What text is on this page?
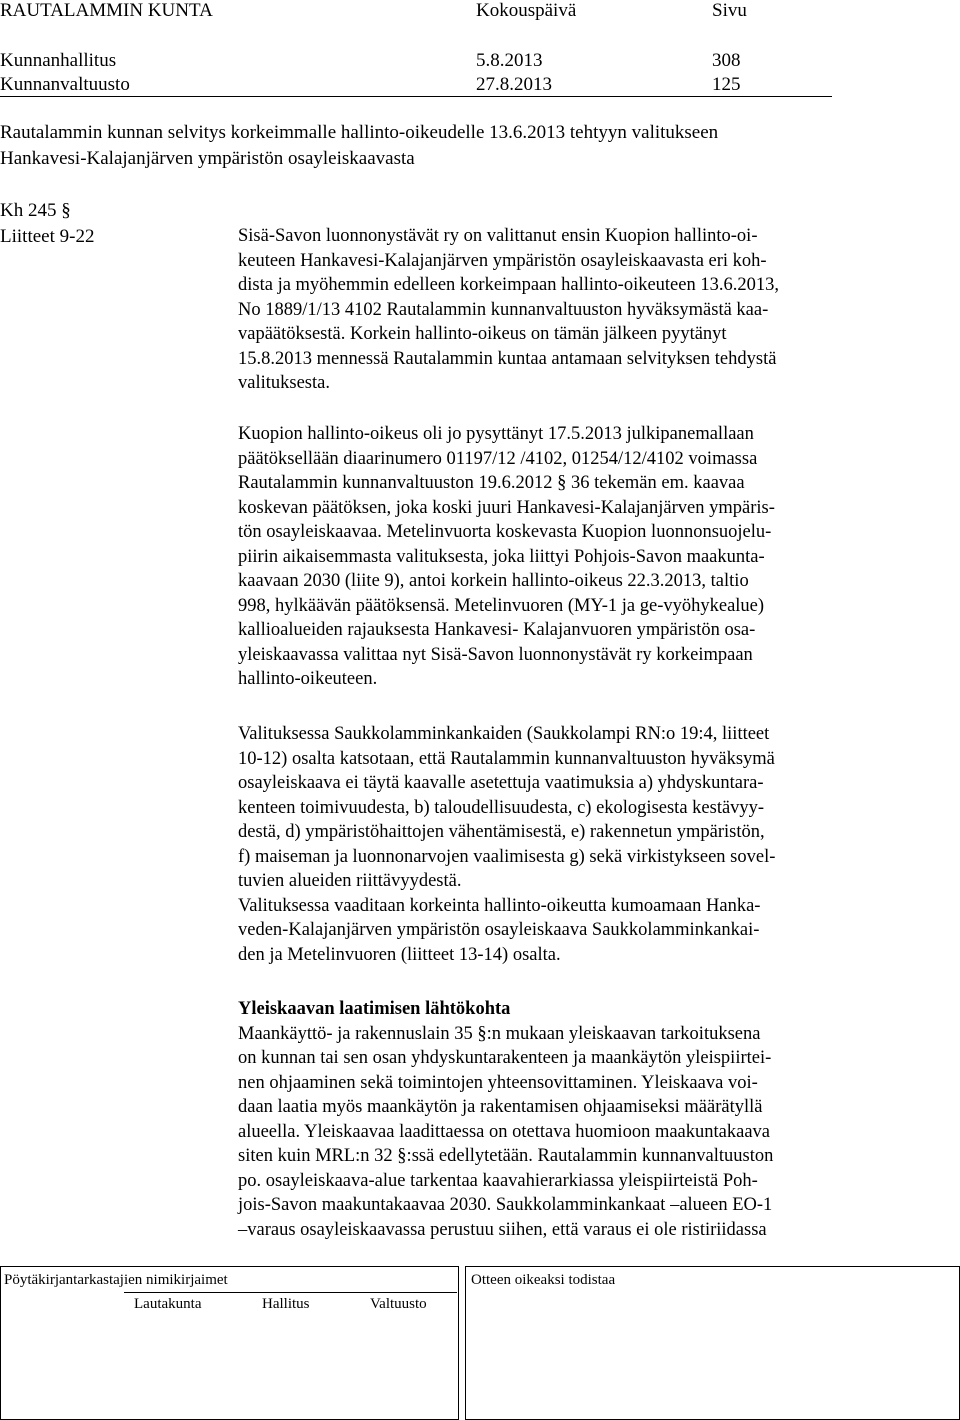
RAUTALAMMIN KUNTA	Kokouspäivä	Sivu
Kunnanhallitus	5.8.2013	308
Kunnanvaltuusto	27.8.2013	125
Rautalammin kunnan selvitys korkeimmalle hallinto-oikeudelle 13.6.2013 tehtyyn valitukseen
Hankavesi-Kalajanjärven ympäristön osayleiskaavasta
Kh 245 §
Liitteet 9-22	Sisä-Savon luonnonystävät ry on valittanut ensin Kuopion hallinto-oi-
keuteen Hankavesi-Kalajanjärven ympäristön osayleiskaavasta eri koh-
dista ja myöhemmin edelleen korkeimpaan hallinto-oikeuteen 13.6.2013,
No 1889/1/13 4102 Rautalammin kunnanvaltuuston hyväksymästä kaa-
vapäätöksestä. Korkein hallinto-oikeus on tämän jälkeen pyytänyt
15.8.2013 mennessä Rautalammin kuntaa antamaan selvityksen tehdystä
valituksesta.
Kuopion hallinto-oikeus oli jo pysyttänyt 17.5.2013 julkipanemallaan
päätöksellään diaarinumero 01197/12 /4102, 01254/12/4102 voimassa
Rautalammin kunnanvaltuuston 19.6.2012 § 36 tekemän em. kaavaa
koskevan päätöksen, joka koski juuri Hankavesi-Kalajanjärven ympäris-
tön osayleiskaavaa. Metelinvuorta koskevasta Kuopion luonnonsuojelu-
piirin aikaisemmasta valituksesta, joka liittyi Pohjois-Savon maakunta-
kaavaan 2030 (liite 9), antoi korkein hallinto-oikeus 22.3.2013, taltio
998, hylkäävän päätöksensä. Metelinvuoren (MY-1 ja ge-vyöhykealue)
kallioalueiden rajauksesta Hankavesi- Kalajanvuoren ympäristön osa-
yleiskaavassa valittaa nyt Sisä-Savon luonnonystävät ry korkeimpaan
hallinto-oikeuteen.
Valituksessa Saukkolamminkankaiden (Saukkolampi RN:o 19:4, liitteet
10-12) osalta katsotaan, että Rautalammin kunnanvaltuuston hyväksymä
osayleiskaava ei täytä kaavalle asetettuja vaatimuksia a) yhdyskuntara-
kenteen toimivuudesta, b) taloudellisuudesta, c) ekologisesta kestävyy-
destä, d) ympäristöhaittojen vähentämisestä, e) rakennetun ympäristön,
f) maiseman ja luonnonarvojen vaalimisesta g) sekä virkistykseen sovel-
tuvien alueiden riittävyydestä.
Valituksessa vaaditaan korkeinta hallinto-oikeutta kumoamaan Hanka-
veden-Kalajanjärven ympäristön osayleiskaava Saukkolamminkankai-
den ja Metelinvuoren (liitteet 13-14) osalta.
Yleiskaavan laatimisen lähtökohta
Maankäyttö- ja rakennuslain 35 §:n mukaan yleiskaavan tarkoituksena
on kunnan tai sen osan yhdyskuntarakenteen ja maankäytön yleispiirtei-
nen ohjaaminen sekä toimintojen yhteensovittaminen. Yleiskaava voi-
daan laatia myös maankäytön ja rakentamisen ohjaamiseksi määrätyllä
alueella. Yleiskaavaa laadittaessa on otettava huomioon maakuntakaava
siten kuin MRL:n 32 §:ssä edellytetään. Rautalammin kunnanvaltuuston
po. osayleiskaava-alue tarkentaa kaavahierarkiassa yleispiirteistä Poh-
jois-Savon maakuntakaavaa 2030. Saukkolamminkankaat –alueen EO-1
–varaus osayleiskaavassa perustuu siihen, että varaus ei ole ristiriidassa
Pöytäkirjantarkastajien nimikirjaimet
Lautakunta	Hallitus	Valtuusto
Otteen oikeaksi todistaa
